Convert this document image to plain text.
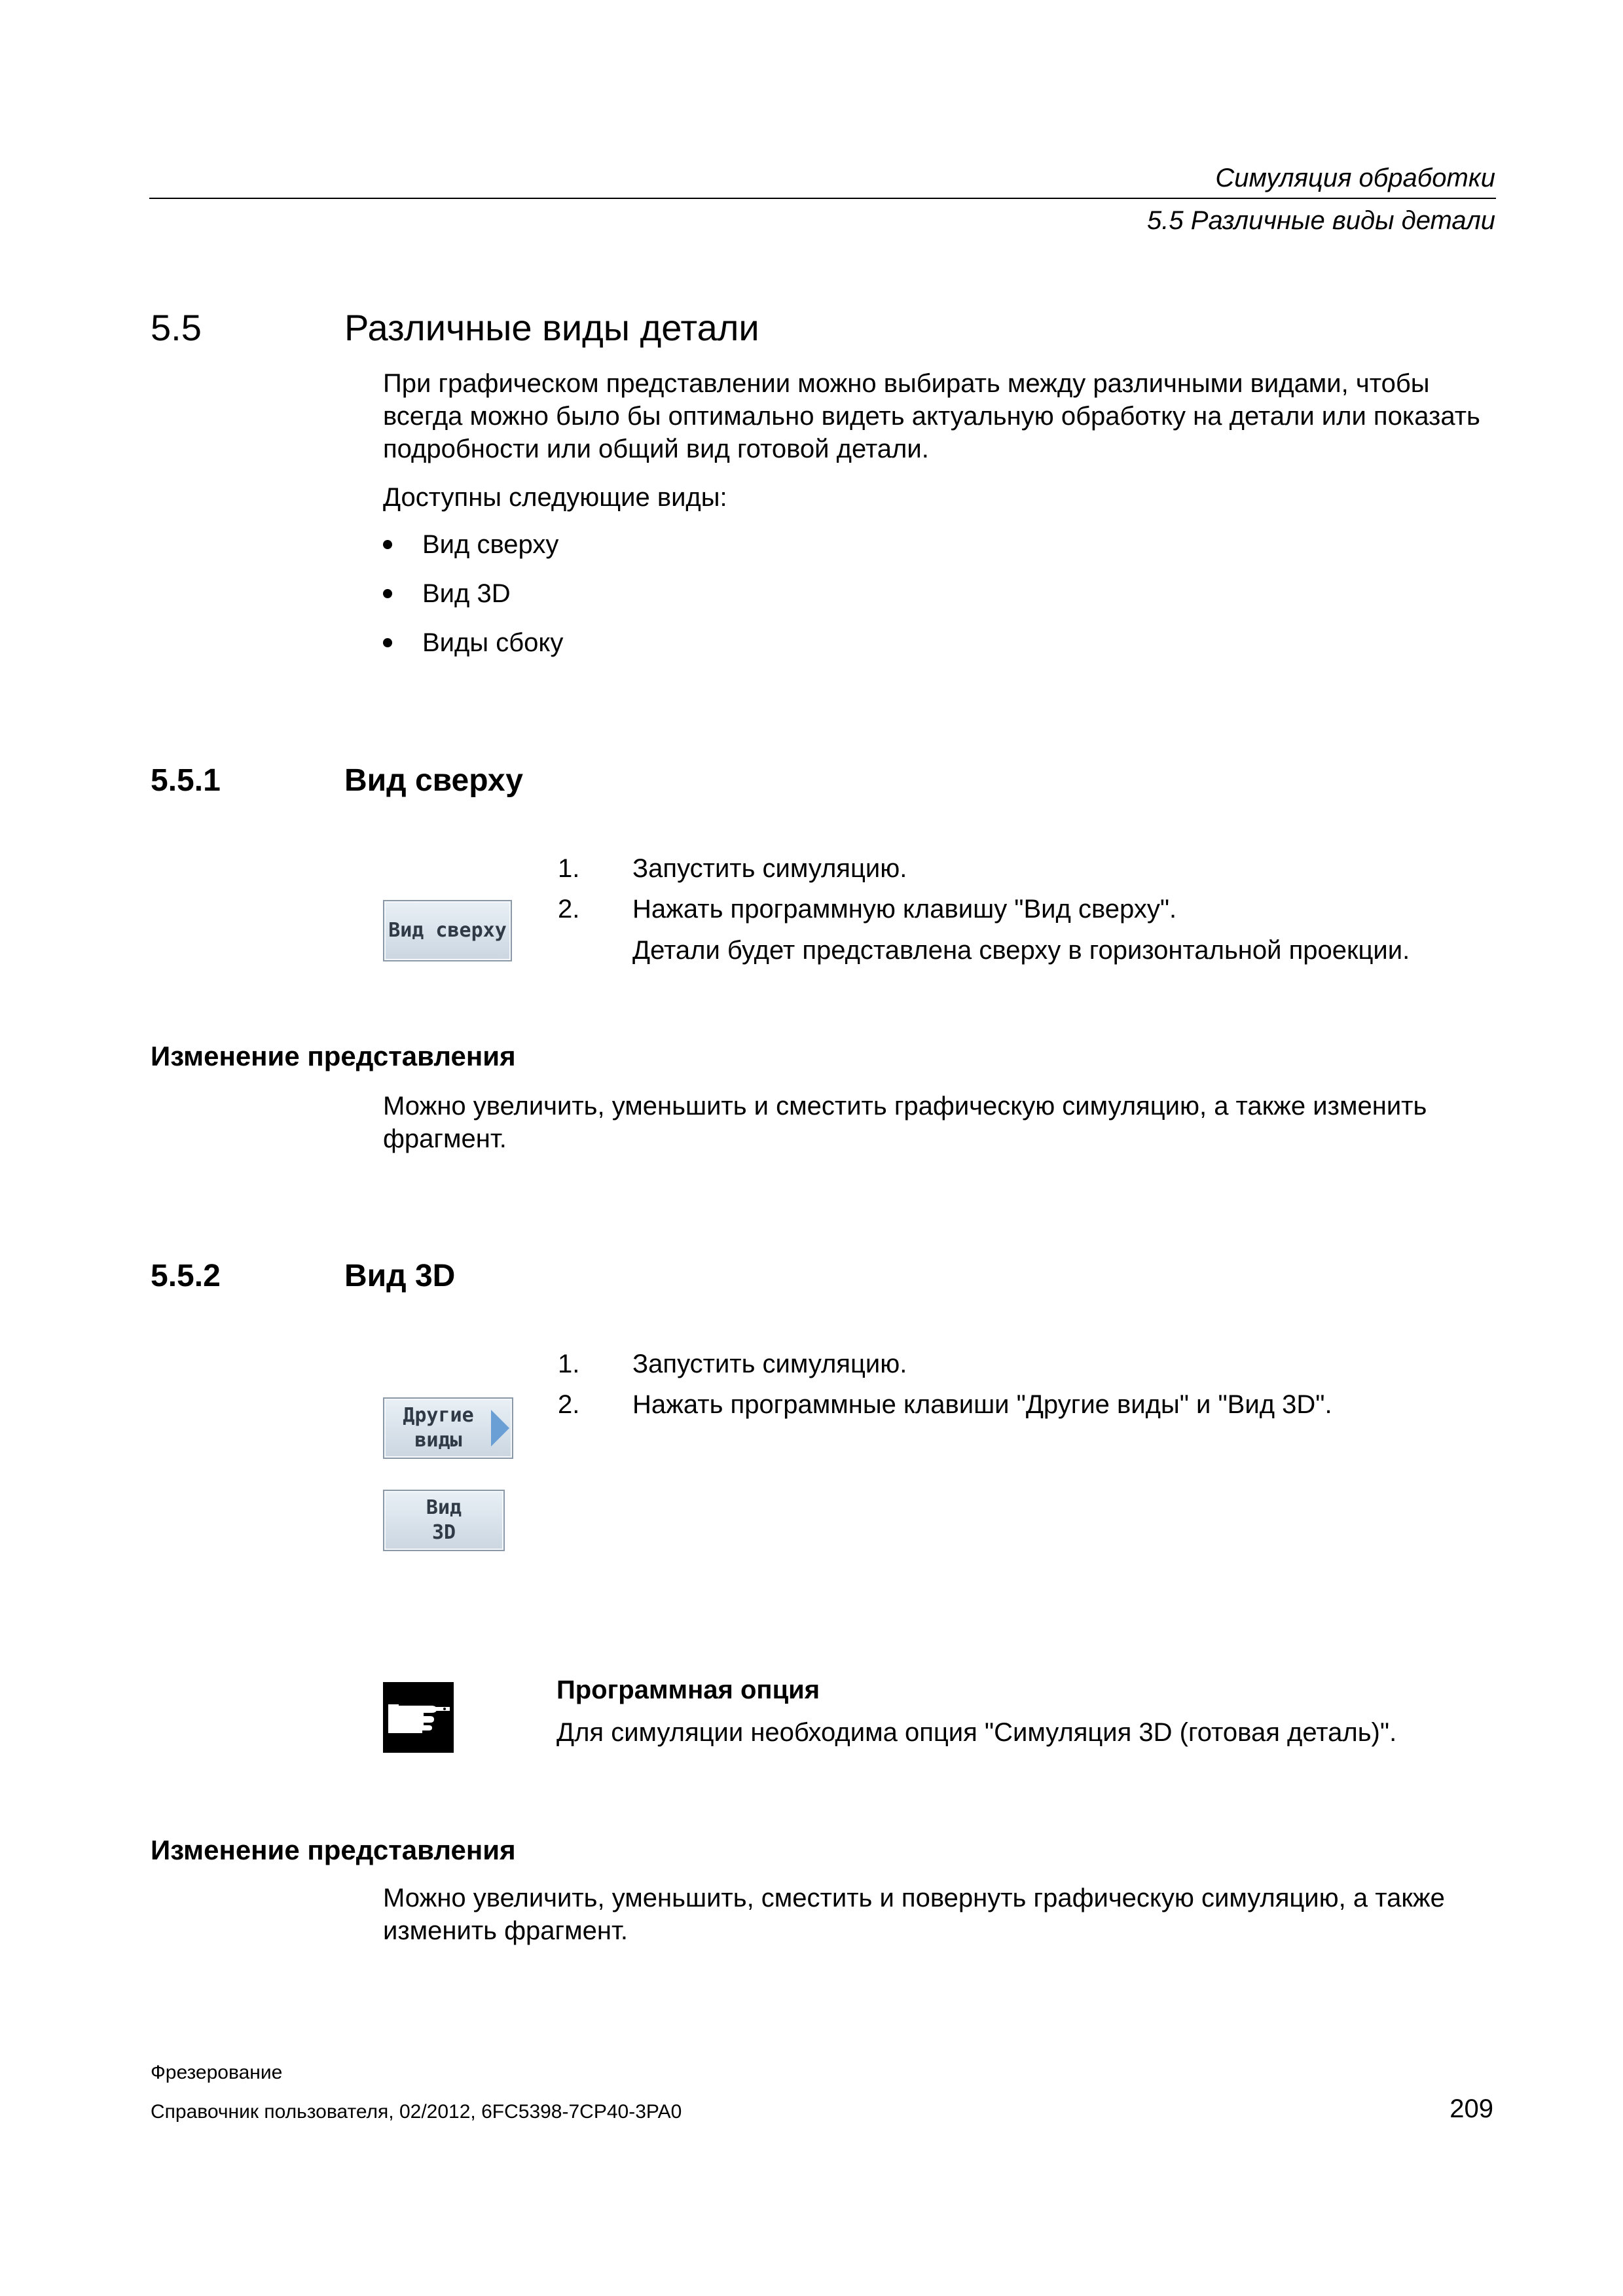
Симуляция обработки
5.5 Различные виды детали
5.5	Различные виды детали
При графическом представлении можно выбирать между различными видами, чтобы всегда можно было бы оптимально видеть актуальную обработку на детали или показать подробности или общий вид готовой детали.
Доступны следующие виды:
Вид сверху
Вид 3D
Виды сбоку
5.5.1	Вид сверху
1. Запустить симуляцию.
2. Нажать программную клавишу "Вид сверху".
Детали будет представлена сверху в горизонтальной проекции.
Вид сверху
Изменение представления
Можно увеличить, уменьшить и сместить графическую симуляцию, а также изменить фрагмент.
5.5.2	Вид 3D
1. Запустить симуляцию.
2. Нажать программные клавиши "Другие виды" и "Вид 3D".
Другие
виды
Вид
3D
Программная опция
Для симуляции необходима опция "Симуляция 3D (готовая деталь)".
Изменение представления
Можно увеличить, уменьшить, сместить и повернуть графическую симуляцию, а также изменить фрагмент.
Фрезерование
Справочник пользователя, 02/2012, 6FC5398-7CP40-3PA0	209
